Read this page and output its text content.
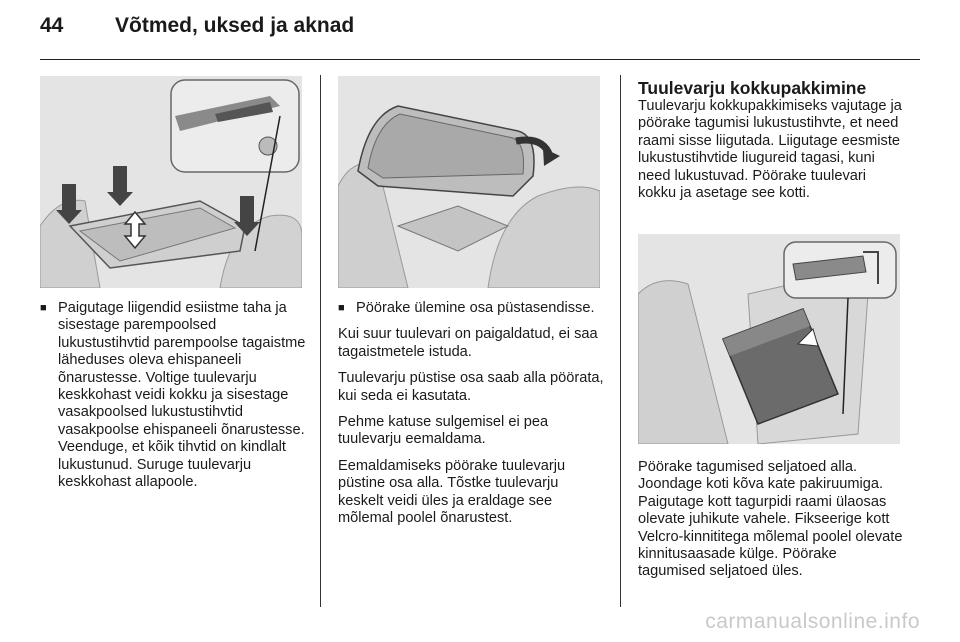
44 Võtmed, uksed ja aknad
■ Paigutage liigendid esiistme taha ja sisestage parempoolsed lukustustihvtid parempoolse tagaistme läheduses oleva ehispaneeli õnarustesse. Voltige tuulevarju keskkohast veidi kokku ja sisestage vasakpoolsed lukustustihvtid vasakpoolse ehispaneeli õnarustesse. Veenduge, et kõik tihvtid on kindlalt lukustunud. Suruge tuulevarju keskkohast allapoole.
■ Pöörake ülemine osa püstasendisse.

Kui suur tuulevari on paigaldatud, ei saa tagaistmetele istuda.

Tuulevarju püstise osa saab alla pöörata, kui seda ei kasutata.

Pehme katuse sulgemisel ei pea tuulevarju eemaldama.

Eemaldamiseks pöörake tuulevarju püstine osa alla. Tõstke tuulevarju keskelt veidi üles ja eraldage see mõlemal poolel õnarustest.

Tuulevarju kokkupakkimine

Tuulevarju kokkupakkimiseks vajutage ja pöörake tagumisi lukustustihvte, et need raami sisse liigutada. Liigutage eesmiste lukustustihvtide liugureid tagasi, kuni need lukustuvad. Pöörake tuulevari kokku ja asetage see kotti.

Pöörake tagumised seljatoed alla. Joondage koti kõva kate pakiruumiga. Paigutage kott tagurpidi raami ülaosas olevate juhikute vahele. Fikseerige kott Velcro-kinnititega mõlemal poolel olevate kinnitusaasade külge. Pöörake tagumised seljatoed üles.

carmanualsonline.info
